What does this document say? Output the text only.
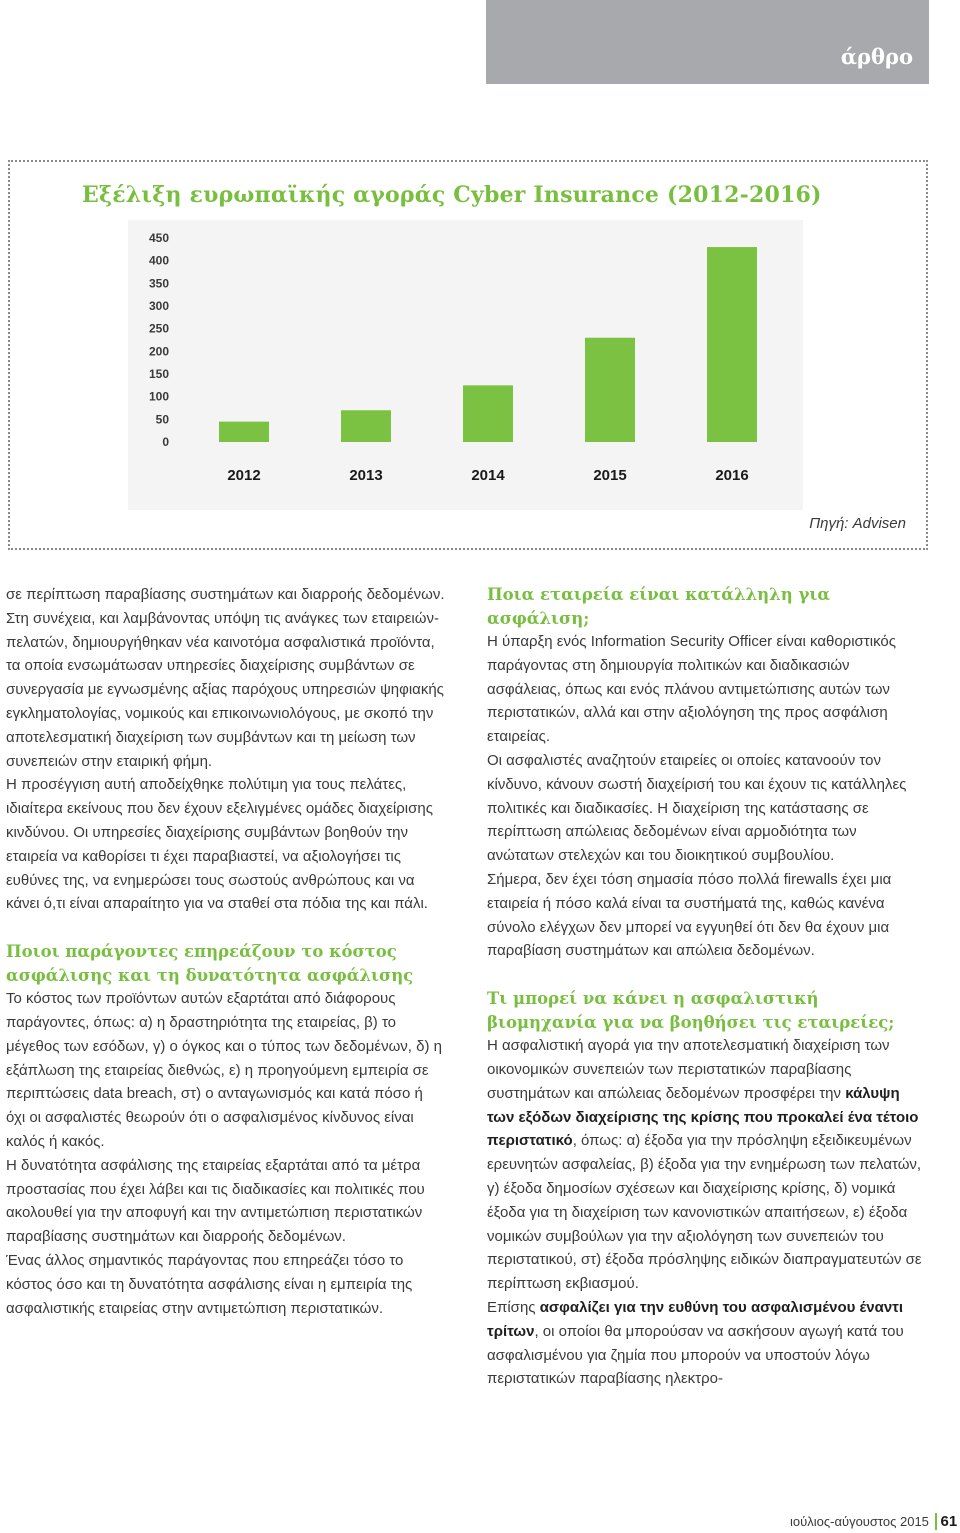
άρθρο
Εξέλιξη ευρωπαϊκής αγοράς Cyber Insurance (2012-2016)
0
50
100
150
200
250
300
350
400
450
2012	2013	2014	2015	2016
Πηγή: Advisen

σε περίπτωση παραβίασης συστημάτων και διαρροής δεδομένων.

Στη συνέχεια, και λαμβάνοντας υπόψη τις ανάγκες των εταιρειών-πελατών, δημιουργήθηκαν νέα καινοτόμα ασφαλιστικά προϊόντα, τα οποία ενσωμάτωσαν υπηρεσίες διαχείρισης συμβάντων σε συνεργασία με εγνωσμένης αξίας παρόχους υπηρεσιών ψηφιακής εγκληματολογίας, νομικούς και επικοινωνιολόγους, με σκοπό την αποτελεσματική διαχείριση των συμβάντων και τη μείωση των συνεπειών στην εταιρική φήμη.

Η προσέγγιση αυτή αποδείχθηκε πολύτιμη για τους πελάτες, ιδιαίτερα εκείνους που δεν έχουν εξελιγμένες ομάδες διαχείρισης κινδύνου. Οι υπηρεσίες διαχείρισης συμβάντων βοηθούν την εταιρεία να καθορίσει τι έχει παραβιαστεί, να αξιολογήσει τις ευθύνες της, να ενημερώσει τους σωστούς ανθρώπους και να κάνει ό,τι είναι απαραίτητο για να σταθεί στα πόδια της και πάλι.

Ποιοι παράγοντες επηρεάζουν το κόστος ασφάλισης και τη δυνατότητα ασφάλισης

Το κόστος των προϊόντων αυτών εξαρτάται από διάφορους παράγοντες, όπως: α) η δραστηριότητα της εταιρείας, β) το μέγεθος των εσόδων, γ) ο όγκος και ο τύπος των δεδομένων, δ) η εξάπλωση της εταιρείας διεθνώς, ε) η προηγούμενη εμπειρία σε περιπτώσεις data breach, στ) ο ανταγωνισμός και κατά πόσο ή όχι οι ασφαλιστές θεωρούν ότι ο ασφαλισμένος κίνδυνος είναι καλός ή κακός.

Η δυνατότητα ασφάλισης της εταιρείας εξαρτάται από τα μέτρα προστασίας που έχει λάβει και τις διαδικασίες και πολιτικές που ακολουθεί για την αποφυγή και την αντιμετώπιση περιστατικών παραβίασης συστημάτων και διαρροής δεδομένων.

Ένας άλλος σημαντικός παράγοντας που επηρεάζει τόσο το κόστος όσο και τη δυνατότητα ασφάλισης είναι η εμπειρία της ασφαλιστικής εταιρείας στην αντιμετώπιση περιστατικών.

Ποια εταιρεία είναι κατάλληλη για ασφάλιση;

Η ύπαρξη ενός Information Security Officer είναι καθοριστικός παράγοντας στη δημιουργία πολιτικών και διαδικασιών ασφάλειας, όπως και ενός πλάνου αντιμετώπισης αυτών των περιστατικών, αλλά και στην αξιολόγηση της προς ασφάλιση εταιρείας.

Οι ασφαλιστές αναζητούν εταιρείες οι οποίες κατανοούν τον κίνδυνο, κάνουν σωστή διαχείρισή του και έχουν τις κατάλληλες πολιτικές και διαδικασίες. Η διαχείριση της κατάστασης σε περίπτωση απώλειας δεδομένων είναι αρμοδιότητα των ανώτατων στελεχών και του διοικητικού συμβουλίου.

Σήμερα, δεν έχει τόση σημασία πόσο πολλά firewalls έχει μια εταιρεία ή πόσο καλά είναι τα συστήματά της, καθώς κανένα σύνολο ελέγχων δεν μπορεί να εγγυηθεί ότι δεν θα έχουν μια παραβίαση συστημάτων και απώλεια δεδομένων.

Τι μπορεί να κάνει η ασφαλιστική βιομηχανία για να βοηθήσει τις εταιρείες;

Η ασφαλιστική αγορά για την αποτελεσματική διαχείριση των οικονομικών συνεπειών των περιστατικών παραβίασης συστημάτων και απώλειας δεδομένων προσφέρει την κάλυψη των εξόδων διαχείρισης της κρίσης που προκαλεί ένα τέτοιο περιστατικό, όπως: α) έξοδα για την πρόσληψη εξειδικευμένων ερευνητών ασφαλείας, β) έξοδα για την ενημέρωση των πελατών, γ) έξοδα δημοσίων σχέσεων και διαχείρισης κρίσης, δ) νομικά έξοδα για τη διαχείριση των κανονιστικών απαιτήσεων, ε) έξοδα νομικών συμβούλων για την αξιολόγηση των συνεπειών του περιστατικού, στ) έξοδα πρόσληψης ειδικών διαπραγματευτών σε περίπτωση εκβιασμού.

Επίσης ασφαλίζει για την ευθύνη του ασφαλισμένου έναντι τρίτων, οι οποίοι θα μπορούσαν να ασκήσουν αγωγή κατά του ασφαλισμένου για ζημία που μπορούν να υποστούν λόγω περιστατικών παραβίασης ηλεκτρο-

ιούλιος-αύγουστος 2015 61
